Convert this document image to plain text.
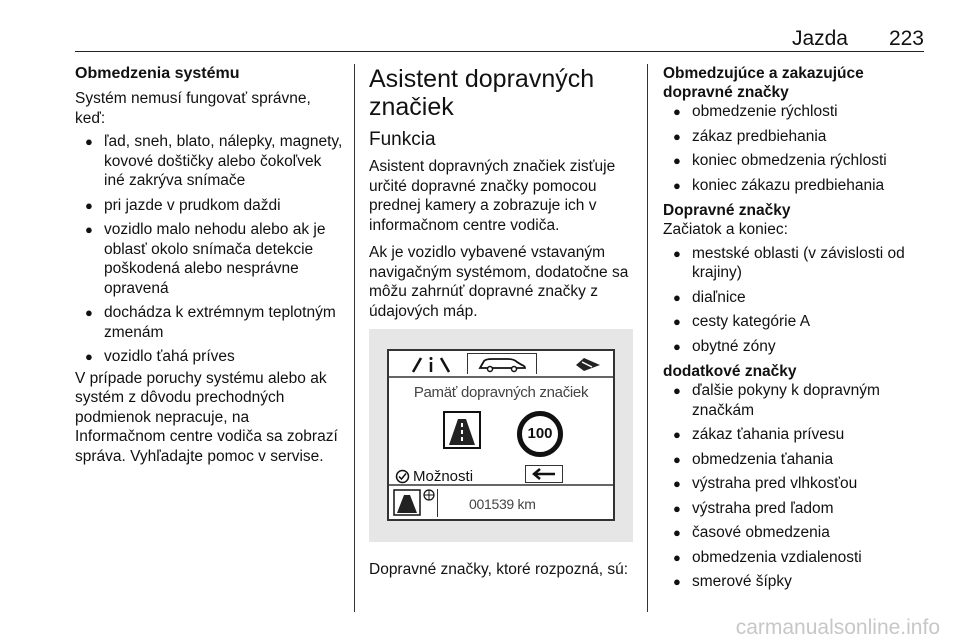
Jazda 223
Obmedzenia systému

Systém nemusí fungovať správne, keď:

● ľad, sneh, blato, nálepky, magnety, kovové doštičky alebo čokoľvek iné zakrýva snímače
● pri jazde v prudkom daždi
● vozidlo malo nehodu alebo ak je oblasť okolo snímača detekcie poškodená alebo nesprávne opravená
● dochádza k extrémnym teplotným zmenám
● vozidlo ťahá príves

V prípade poruchy systému alebo ak systém z dôvodu prechodných podmienok nepracuje, na Informačnom centre vodiča sa zobrazí správa. Vyhľadajte pomoc v servise.

Asistent dopravných značiek
Funkcia

Asistent dopravných značiek zisťuje určité dopravné značky pomocou prednej kamery a zobrazuje ich v informačnom centre vodiča.

Ak je vozidlo vybavené vstavaným navigačným systémom, dodatočne sa môžu zahrnúť dopravné značky z údajových máp.

Pamäť dopravných značiek
100
Možnosti
001539 km

Dopravné značky, ktoré rozpozná, sú:

Obmedzujúce a zakazujúce dopravné značky
● obmedzenie rýchlosti
● zákaz predbiehania
● koniec obmedzenia rýchlosti
● koniec zákazu predbiehania
Dopravné značky

Začiatok a koniec:

● mestské oblasti (v závislosti od krajiny)
● diaľnice
● cesty kategórie A
● obytné zóny
dodatkové značky
● ďalšie pokyny k dopravným značkám
● zákaz ťahania prívesu
● obmedzenia ťahania
● výstraha pred vlhkosťou
● výstraha pred ľadom
● časové obmedzenia
● obmedzenia vzdialenosti
● smerové šípky
carmanualsonline.info
